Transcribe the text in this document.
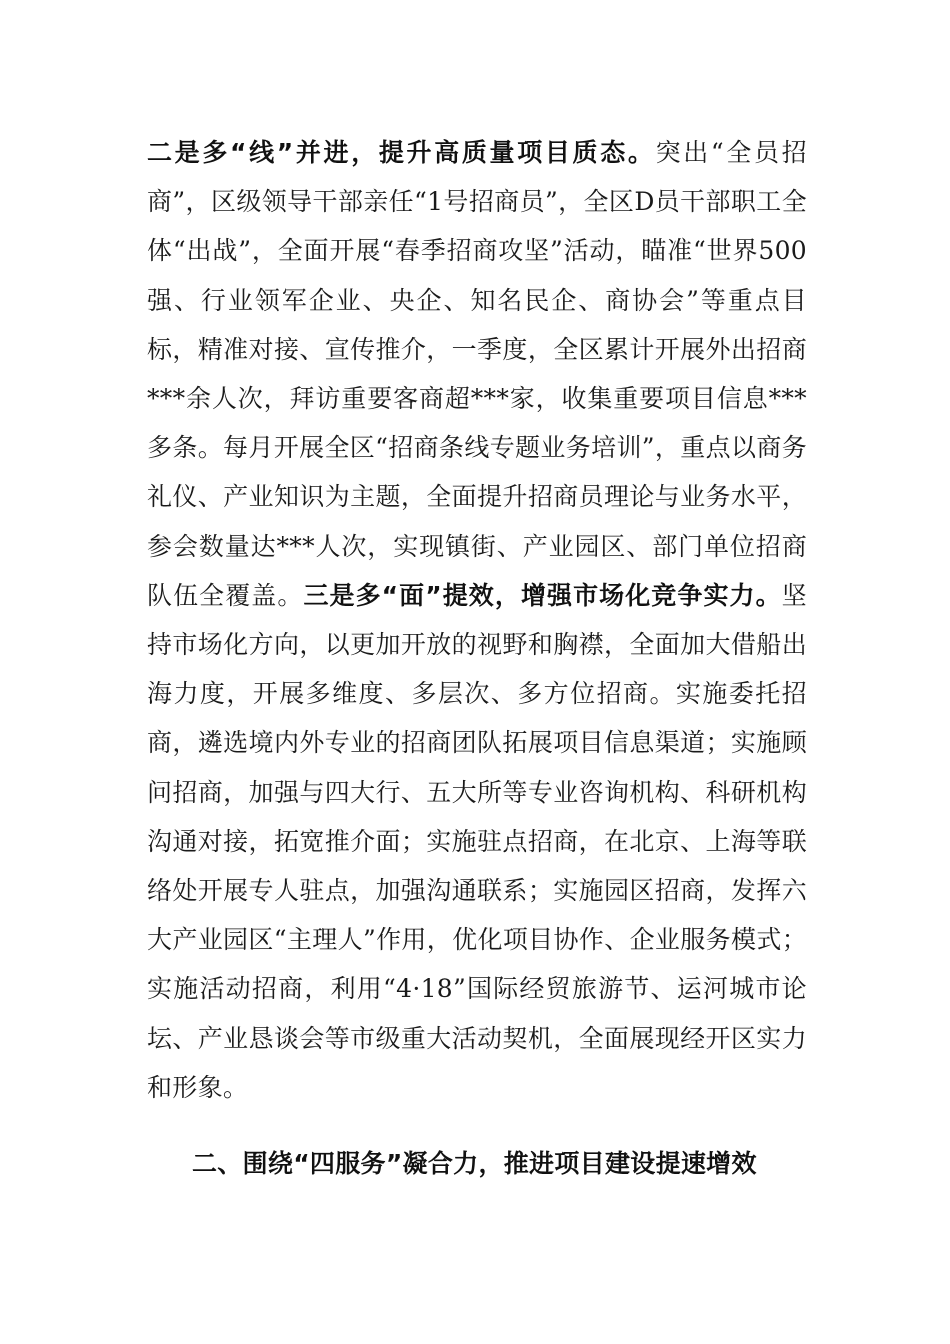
二是多“线”并进，提升高质量项目质态。突出“全员招商”，区级领导干部亲任“1号招商员”，全区D员干部职工全体“出战”，全面开展“春季招商攻坚”活动，瞄准“世界500强、行业领军企业、央企、知名民企、商协会”等重点目标，精准对接、宣传推介，一季度，全区累计开展外出招商***余人次，拜访重要客商超***家，收集重要项目信息***多条。每月开展全区“招商条线专题业务培训”，重点以商务礼仪、产业知识为主题，全面提升招商员理论与业务水平，参会数量达***人次，实现镇街、产业园区、部门单位招商队伍全覆盖。三是多“面”提效，增强市场化竞争实力。坚持市场化方向，以更加开放的视野和胸襟，全面加大借船出海力度，开展多维度、多层次、多方位招商。实施委托招商，遴选境内外专业的招商团队拓展项目信息渠道；实施顾问招商，加强与四大行、五大所等专业咨询机构、科研机构沟通对接，拓宽推介面；实施驻点招商，在北京、上海等联络处开展专人驻点，加强沟通联系；实施园区招商，发挥六大产业园区“主理人”作用，优化项目协作、企业服务模式；实施活动招商，利用“4·18”国际经贸旅游节、运河城市论坛、产业恳谈会等市级重大活动契机，全面展现经开区实力和形象。

二、围绕“四服务”凝合力，推进项目建设提速增效
